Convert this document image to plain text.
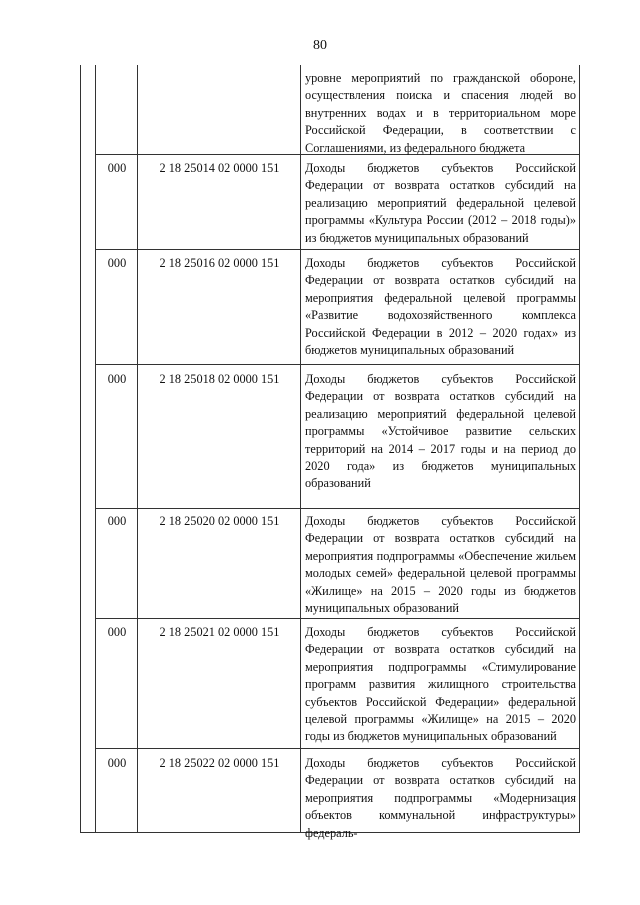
80
уровне мероприятий по гражданской обороне, осуществления поиска и спасения людей во внутренних водах и в территориальном море Российской Федерации, в соответствии с Соглашениями, из федерального бюджета
000	2 18 25014 02 0000 151	Доходы бюджетов субъектов Российской Федерации от возврата остатков субсидий на реализацию мероприятий федеральной целевой программы «Культура России (2012 – 2018 годы)» из бюджетов муниципальных образований
000	2 18 25016 02 0000 151	Доходы бюджетов субъектов Российской Федерации от возврата остатков субсидий на мероприятия федеральной целевой программы «Развитие водохозяйственного комплекса Российской Федерации в 2012 – 2020 годах» из бюджетов муниципальных образований
000	2 18 25018 02 0000 151	Доходы бюджетов субъектов Российской Федерации от возврата остатков субсидий на реализацию мероприятий федеральной целевой программы «Устойчивое развитие сельских территорий на 2014 – 2017 годы и на период до 2020 года» из бюджетов муниципальных образований
000	2 18 25020 02 0000 151	Доходы бюджетов субъектов Российской Федерации от возврата остатков субсидий на мероприятия подпрограммы «Обеспечение жильем молодых семей» федеральной целевой программы «Жилище» на 2015 – 2020 годы из бюджетов муниципальных образований
000	2 18 25021 02 0000 151	Доходы бюджетов субъектов Российской Федерации от возврата остатков субсидий на мероприятия подпрограммы «Стимулирование программ развития жилищного строительства субъектов Российской Федерации» федеральной целевой программы «Жилище» на 2015 – 2020 годы из бюджетов муниципальных образований
000	2 18 25022 02 0000 151	Доходы бюджетов субъектов Российской Федерации от возврата остатков субсидий на мероприятия подпрограммы «Модернизация объектов коммунальной инфраструктуры» федераль-
